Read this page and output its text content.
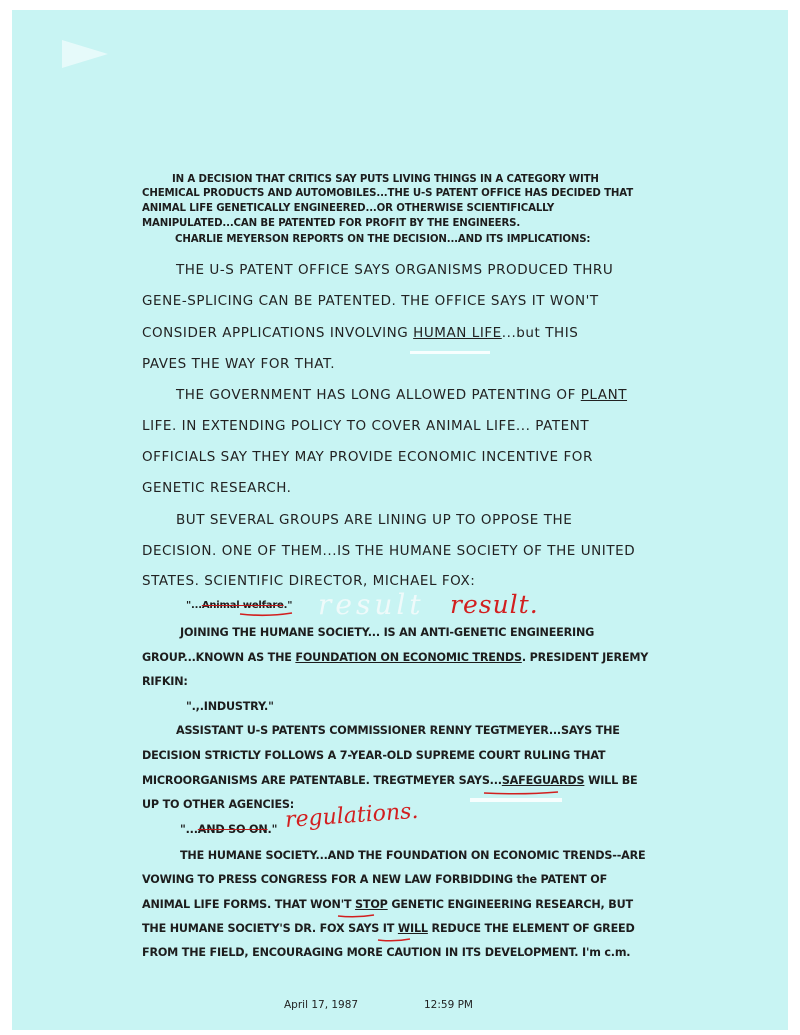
IN A DECISION THAT CRITICS SAY PUTS LIVING THINGS IN A CATEGORY WITH
CHEMICAL PRODUCTS AND AUTOMOBILES...THE U-S PATENT OFFICE HAS DECIDED THAT
ANIMAL LIFE GENETICALLY ENGINEERED...OR OTHERWISE SCIENTIFICALLY
MANIPULATED...CAN BE PATENTED FOR PROFIT BY THE ENGINEERS.
CHARLIE MEYERSON REPORTS ON THE DECISION...AND ITS IMPLICATIONS:
THE U-S PATENT OFFICE SAYS ORGANISMS PRODUCED THRU
GENE-SPLICING CAN BE PATENTED. THE OFFICE SAYS IT WON'T
CONSIDER APPLICATIONS INVOLVING HUMAN LIFE...but THIS
PAVES THE WAY FOR THAT.
THE GOVERNMENT HAS LONG ALLOWED PATENTING OF PLANT
LIFE. IN EXTENDING POLICY TO COVER ANIMAL LIFE... PATENT
OFFICIALS SAY THEY MAY PROVIDE ECONOMIC INCENTIVE FOR
GENETIC RESEARCH.
BUT SEVERAL GROUPS ARE LINING UP TO OPPOSE THE
DECISION. ONE OF THEM...IS THE HUMANE SOCIETY OF THE UNITED
STATES. SCIENTIFIC DIRECTOR, MICHAEL FOX:
"...Animal welfare." result result.
JOINING THE HUMANE SOCIETY... IS AN ANTI-GENETIC ENGINEERING
GROUP...KNOWN AS THE FOUNDATION ON ECONOMIC TRENDS. PRESIDENT JEREMY
RIFKIN:
".,.INDUSTRY."
ASSISTANT U-S PATENTS COMMISSIONER RENNY TEGTMEYER...SAYS THE
DECISION STRICTLY FOLLOWS A 7-YEAR-OLD SUPREME COURT RULING THAT
MICROORGANISMS ARE PATENTABLE. TREGTMEYER SAYS...SAFEGUARDS WILL BE
UP TO OTHER AGENCIES:
"...AND SO ON." regulations.
THE HUMANE SOCIETY...AND THE FOUNDATION ON ECONOMIC TRENDS--ARE
VOWING TO PRESS CONGRESS FOR A NEW LAW FORBIDDING the PATENT OF
ANIMAL LIFE FORMS. THAT WON'T STOP GENETIC ENGINEERING RESEARCH, BUT
THE HUMANE SOCIETY'S DR. FOX SAYS IT WILL REDUCE THE ELEMENT OF GREED
FROM THE FIELD, ENCOURAGING MORE CAUTION IN ITS DEVELOPMENT. I'm c.m.
April 17, 1987	12:59 PM
